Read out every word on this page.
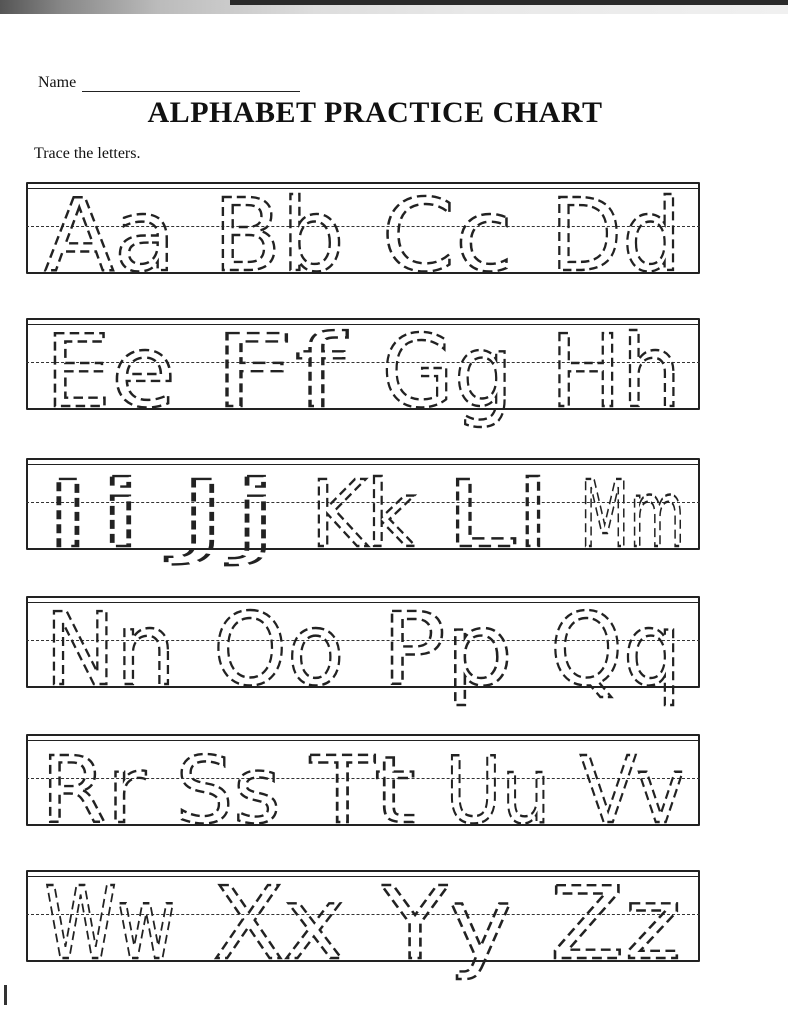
Name
ALPHABET PRACTICE CHART
Trace the letters.
Aa Bb Cc Dd
Ee Ff Gg Hh
Ii Jj Kk Ll Mm
Nn Oo Pp Qq
Rr Ss Tt Uu Vv
Ww Xx Yy Zz
